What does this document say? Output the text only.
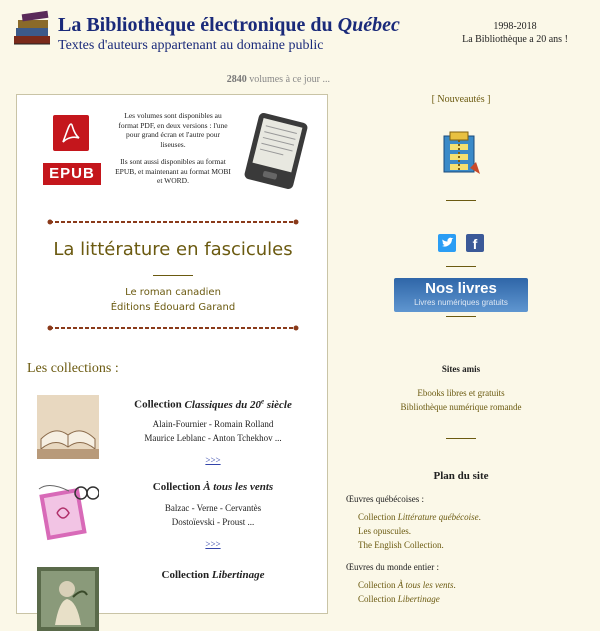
La Bibliothèque électronique du Québec
Textes d'auteurs appartenant au domaine public
1998-2018
La Bibliothèque a 20 ans !
2840 volumes à ce jour ...
EPUB

Les volumes sont disponibles au format PDF, en deux versions : l'une pour grand écran et l'autre pour liseuses.

Ils sont aussi disponibles au format EPUB, et maintenant au format MOBI et WORD.

La littérature en fascicules
Le roman canadien
Éditions Édouard Garand
Les collections :
Collection Classiques du 20e siècle
Alain-Fournier - Romain Rolland
Maurice Leblanc - Anton Tchekhov ...
>>>
Collection À tous les vents
Balzac - Verne - Cervantès
Dostoïevski - Proust ...
>>>
Collection Libertinage
[ Nouveautés ]
f
Nos livres
Livres numériques gratuits
Sites amis
Ebooks libres et gratuits
Bibliothèque numérique romande
Plan du site
Œuvres québécoises :
Collection Littérature québécoise.
Les opuscules.
The English Collection.
Œuvres du monde entier :
Collection À tous les vents.
Collection Libertinage
